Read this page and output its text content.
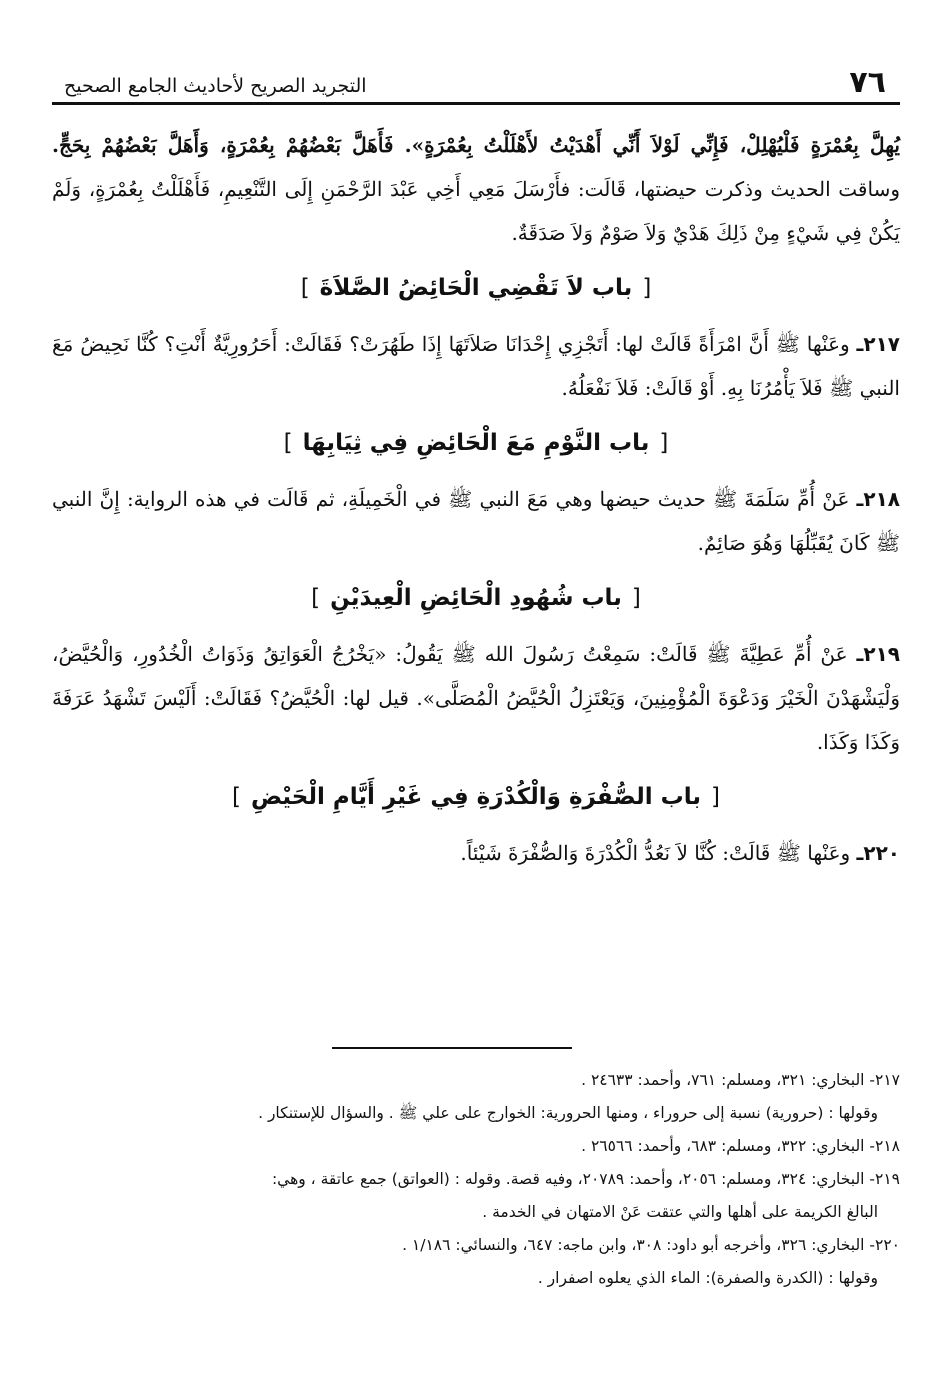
٧٦
التجريد الصريح لأحاديث الجامع الصحيح

يُهِلَّ بِعُمْرَةٍ فَلْيُهْلِلْ، فَإِنِّي لَوْلاَ أَنِّي أَهْدَيْتُ لأَهْلَلْتُ بِعُمْرَةٍ». فَأَهَلَّ بَعْضُهُمْ بِعُمْرَةٍ، وَأَهَلَّ بَعْضُهُمْ بِحَجٍّ. وساقت الحديث وذكرت حيضتها، قَالَت: فأَرْسَلَ مَعِي أَخِي عَبْدَ الرَّحْمَنِ إِلَى التَّنْعِيمِ، فَأَهْلَلْتُ بِعُمْرَةٍ، وَلَمْ يَكُنْ فِي شَيْءٍ مِنْ ذَلِكَ هَدْيٌ وَلاَ صَوْمٌ وَلاَ صَدَقَةٌ.

[باب لاَ تَقْضِي الْحَائِضُ الصَّلاَةَ]

٢١٧ـ وعَنْها ﷺ أَنَّ امْرَأَةً قَالَتْ لها: أَتَجْزِي إِحْدَانَا صَلاَتَهَا إِذَا طَهُرَتْ؟ فَقَالَتْ: أَحَرُورِيَّةٌ أَنْتِ؟ كُنَّا نَحِيضُ مَعَ النبي ﷺ فَلاَ يَأْمُرُنَا بِهِ. أَوْ قَالَتْ: فَلاَ نَفْعَلُهُ.

[باب النَّوْمِ مَعَ الْحَائِضِ فِي ثِيَابِهَا]

٢١٨ـ عَنْ أُمِّ سَلَمَةَ ﷺ حديث حيضها وهي مَعَ النبي ﷺ في الْخَمِيلَةِ، ثم قَالَت في هذه الرواية: إِنَّ النبي ﷺ كَانَ يُقَبِّلُهَا وَهُوَ صَائِمٌ.

[باب شُهُودِ الْحَائِضِ الْعِيدَيْنِ]

٢١٩ـ عَنْ أُمِّ عَطِيَّةَ ﷺ قَالَتْ: سَمِعْتُ رَسُولَ الله ﷺ يَقُولُ: «يَخْرُجُ الْعَوَاتِقُ وَذَوَاتُ الْخُدُورِ، وَالْحُيَّضُ، وَلْيَشْهَدْنَ الْخَيْرَ وَدَعْوَةَ الْمُؤْمِنِينَ، وَيَعْتَزِلُ الْحُيَّضُ الْمُصَلَّى». قيل لها: الْحُيَّضُ؟ فَقَالَتْ: أَلَيْسَ تَشْهَدُ عَرَفَةَ وَكَذَا وَكَذَا.

[باب الصُّفْرَةِ وَالْكُدْرَةِ فِي غَيْرِ أَيَّامِ الْحَيْضِ]

٢٢٠ـ وعَنْها ﷺ قَالَتْ: كُنَّا لاَ نَعُدُّ الْكُدْرَةَ وَالصُّفْرَةَ شَيْئاً.

٢١٧- البخاري: ٣٢١، ومسلم: ٧٦١، وأحمد: ٢٤٦٣٣ .

وقولها : (حرورية) نسبة إلى حروراء ، ومنها الحرورية: الخوارج على علي ﷺ . والسؤال للإستنكار .

٢١٨- البخاري: ٣٢٢، ومسلم: ٦٨٣، وأحمد: ٢٦٥٦٦ .

٢١٩- البخاري: ٣٢٤، ومسلم: ٢٠٥٦، وأحمد: ٢٠٧٨٩، وفيه قصة. وقوله : (العواتق) جمع عاتقة ، وهي:

البالغ الكريمة على أهلها والتي عتقت عَنْ الامتهان في الخدمة .

٢٢٠- البخاري: ٣٢٦، وأخرجه أبو داود: ٣٠٨، وابن ماجه: ٦٤٧، والنسائي: ١/١٨٦ .

وقولها : (الكدرة والصفرة): الماء الذي يعلوه اصفرار .
